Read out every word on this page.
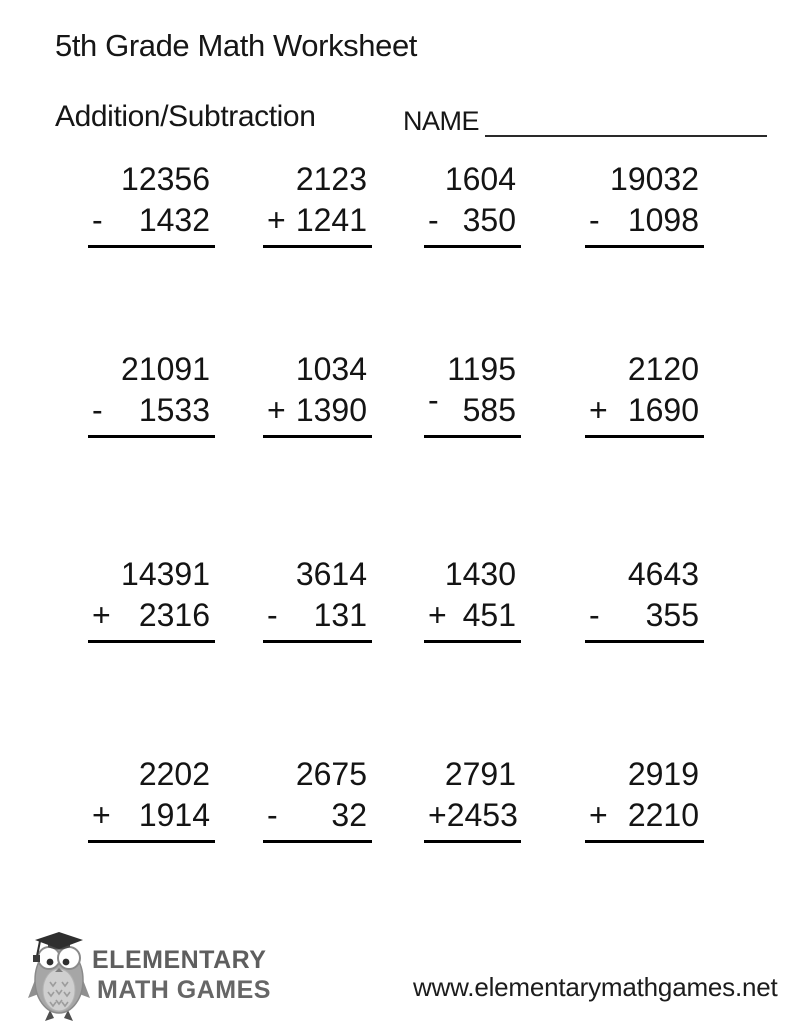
5th Grade Math Worksheet
Addition/Subtraction	NAME
12356
- 1432
2123
+ 1241
1604
- 350
19032
- 1098
21091
- 1533
1034
+ 1390
1195
- 585
2120
+ 1690
14391
+ 2316
3614
- 131
1430
+ 451
4643
- 355
2202
+ 1914
2675
- 32
2791
+ 2453
2919
+ 2210
ELEMENTARY
MATH GAMES	www.elementarymathgames.net
